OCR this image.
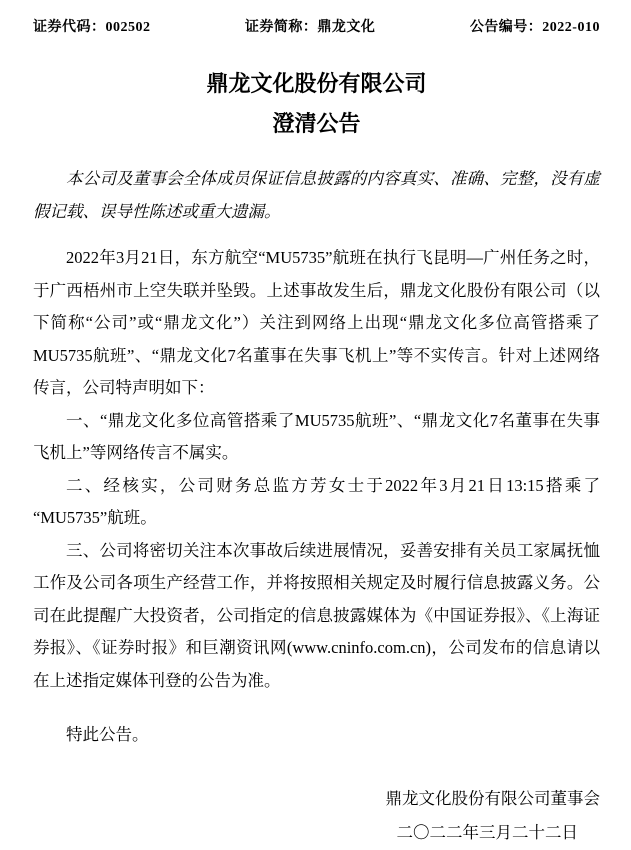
证券代码：002502	证券简称：鼎龙文化	公告编号：2022-010
鼎龙文化股份有限公司
澄清公告

本公司及董事会全体成员保证信息披露的内容真实、准确、完整，没有虚假记载、误导性陈述或重大遗漏。

2022年3月21日，东方航空“MU5735”航班在执行飞昆明—广州任务之时，于广西梧州市上空失联并坠毁。上述事故发生后，鼎龙文化股份有限公司（以下简称“公司”或“鼎龙文化”）关注到网络上出现“鼎龙文化多位高管搭乘了MU5735航班”、“鼎龙文化7名董事在失事飞机上”等不实传言。针对上述网络传言，公司特声明如下：

一、“鼎龙文化多位高管搭乘了MU5735航班”、“鼎龙文化7名董事在失事飞机上”等网络传言不属实。

二、经核实，公司财务总监方芳女士于2022年3月21日13:15搭乘了“MU5735”航班。

三、公司将密切关注本次事故后续进展情况，妥善安排有关员工家属抚恤工作及公司各项生产经营工作，并将按照相关规定及时履行信息披露义务。公司在此提醒广大投资者，公司指定的信息披露媒体为《中国证券报》、《上海证券报》、《证券时报》和巨潮资讯网(www.cninfo.com.cn)，公司发布的信息请以在上述指定媒体刊登的公告为准。

特此公告。

鼎龙文化股份有限公司董事会
二〇二二年三月二十二日
